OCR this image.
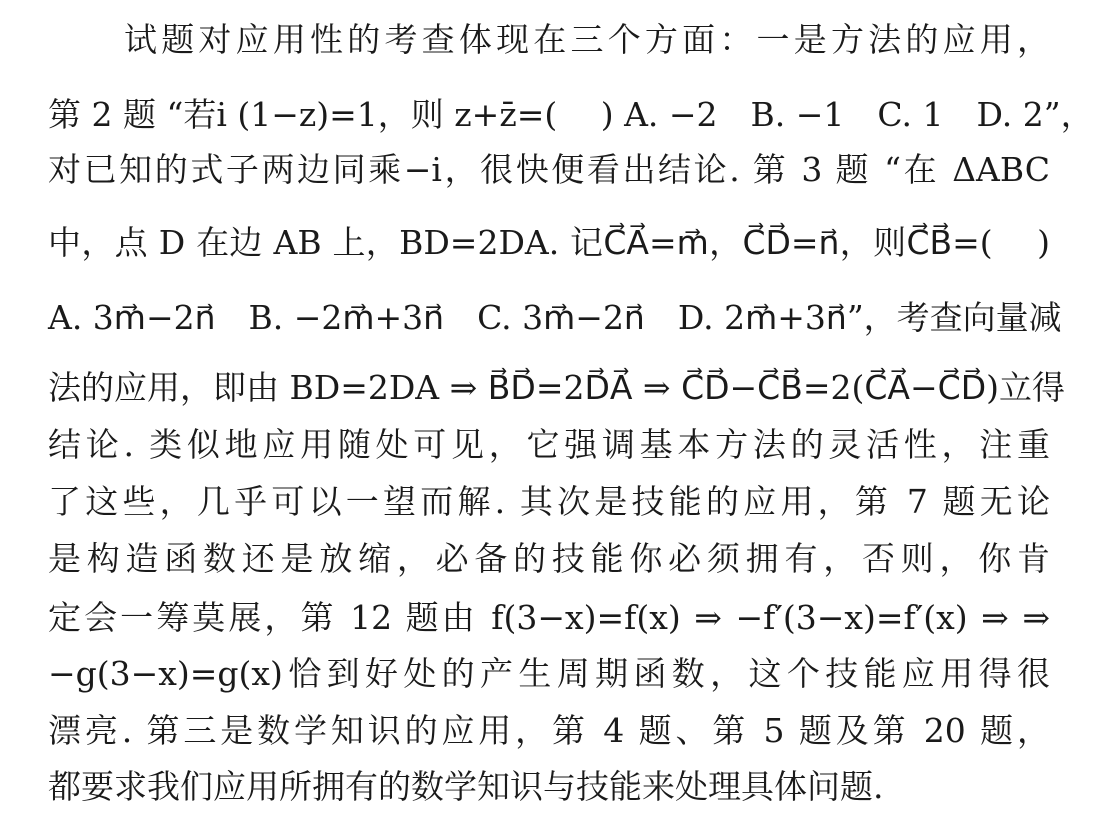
试题对应用性的考查体现在三个方面：一是方法的应用，
第 2 题 “若i (1−z)=1，则 z+z̄=(　 ) A. −2　B. −1　C. 1　D. 2”，
对已知的式子两边同乘−i，很快便看出结论. 第 3 题 “在 ΔABC
中，点 D 在边 AB 上，BD=2DA. 记C⃗A⃗=m⃗，C⃗D⃗=n⃗，则C⃗B⃗=(　 )
A. 3m⃗−2n⃗　B. −2m⃗+3n⃗　C. 3m⃗−2n⃗　D. 2m⃗+3n⃗”，考查向量减
法的应用，即由 BD=2DA ⇒ B⃗D⃗=2D⃗A⃗ ⇒ C⃗D⃗−C⃗B⃗=2(C⃗A⃗−C⃗D⃗)立得
结论. 类似地应用随处可见，它强调基本方法的灵活性，注重
了这些，几乎可以一望而解. 其次是技能的应用，第 7 题无论
是构造函数还是放缩，必备的技能你必须拥有，否则，你肯
定会一筹莫展，第 12 题由 f(3−x)=f(x) ⇒ −f′(3−x)=f′(x) ⇒ ⇒
−g(3−x)=g(x)恰到好处的产生周期函数，这个技能应用得很
漂亮. 第三是数学知识的应用，第 4 题、第 5 题及第 20 题，
都要求我们应用所拥有的数学知识与技能来处理具体问题.
